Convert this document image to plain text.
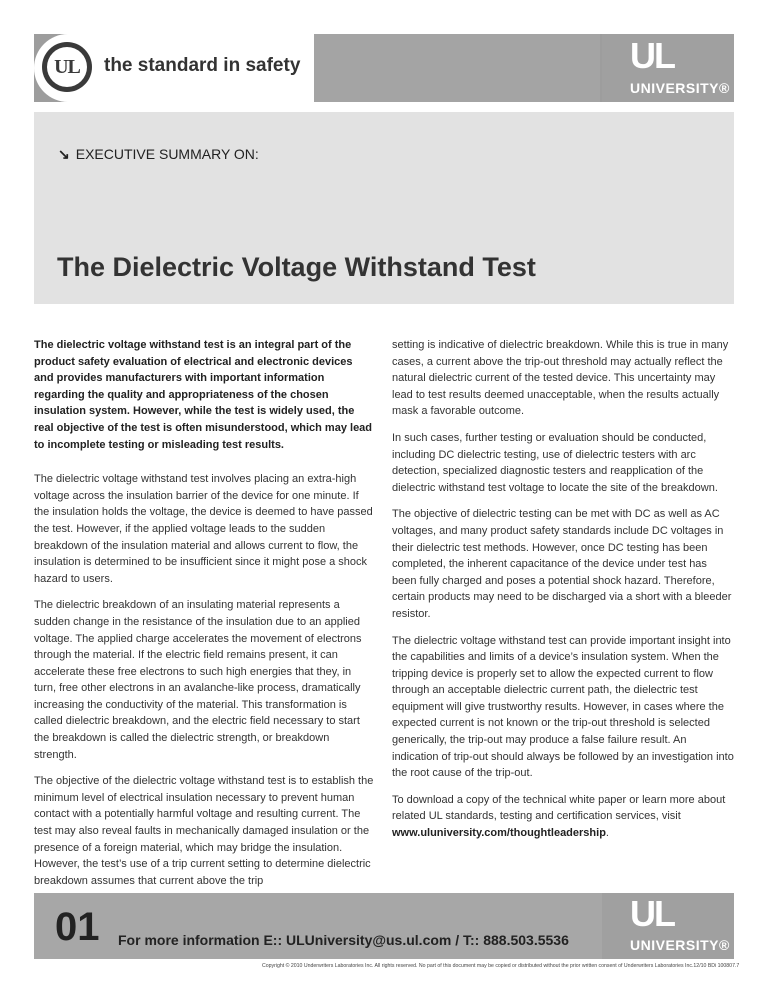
UL the standard in safety	UL
UNIVERSITY®
↘ EXECUTIVE SUMMARY ON:
The Dielectric Voltage Withstand Test

The dielectric voltage withstand test is an integral part of the product safety evaluation of electrical and electronic devices and provides manufacturers with important information regarding the quality and appropriateness of the chosen insulation system. However, while the test is widely used, the real objective of the test is often misunderstood, which may lead to incomplete testing or misleading test results.

The dielectric voltage withstand test involves placing an extra-high voltage across the insulation barrier of the device for one minute. If the insulation holds the voltage, the device is deemed to have passed the test. However, if the applied voltage leads to the sudden breakdown of the insulation material and allows current to flow, the insulation is determined to be insufficient since it might pose a shock hazard to users.

The dielectric breakdown of an insulating material represents a sudden change in the resistance of the insulation due to an applied voltage. The applied charge accelerates the movement of electrons through the material. If the electric field remains present, it can accelerate these free electrons to such high energies that they, in turn, free other electrons in an avalanche-like process, dramatically increasing the conductivity of the material. This transformation is called dielectric breakdown, and the electric field necessary to start the breakdown is called the dielectric strength, or breakdown strength.

The objective of the dielectric voltage withstand test is to establish the minimum level of electrical insulation necessary to prevent human contact with a potentially harmful voltage and resulting current. The test may also reveal faults in mechanically damaged insulation or the presence of a foreign material, which may bridge the insulation. However, the test’s use of a trip current setting to determine dielectric breakdown assumes that current above the trip

setting is indicative of dielectric breakdown. While this is true in many cases, a current above the trip-out threshold may actually reflect the natural dielectric current of the tested device. This uncertainty may lead to test results deemed unacceptable, when the results actually mask a favorable outcome.

In such cases, further testing or evaluation should be conducted, including DC dielectric testing, use of dielectric testers with arc detection, specialized diagnostic testers and reapplication of the dielectric withstand test voltage to locate the site of the breakdown.

The objective of dielectric testing can be met with DC as well as AC voltages, and many product safety standards include DC voltages in their dielectric test methods. However, once DC testing has been completed, the inherent capacitance of the device under test has been fully charged and poses a potential shock hazard. Therefore, certain products may need to be discharged via a short with a bleeder resistor.

The dielectric voltage withstand test can provide important insight into the capabilities and limits of a device’s insulation system. When the tripping device is properly set to allow the expected current to flow through an acceptable dielectric current path, the dielectric test equipment will give trustworthy results. However, in cases where the expected current is not known or the trip-out threshold is selected generically, the trip-out may produce a false failure result. An indication of trip-out should always be followed by an investigation into the root cause of the trip-out.

To download a copy of the technical white paper or learn more about related UL standards, testing and certification services, visit www.uluniversity.com/thoughtleadership.

01 For more information E:: ULUniversity@us.ul.com / T:: 888.503.5536
UL
UNIVERSITY®
Copyright © 2010 Underwriters Laboratories Inc. All rights reserved. No part of this document may be copied or distributed without the prior written consent of Underwriters Laboratories Inc.12/10 BDi 100807.7
